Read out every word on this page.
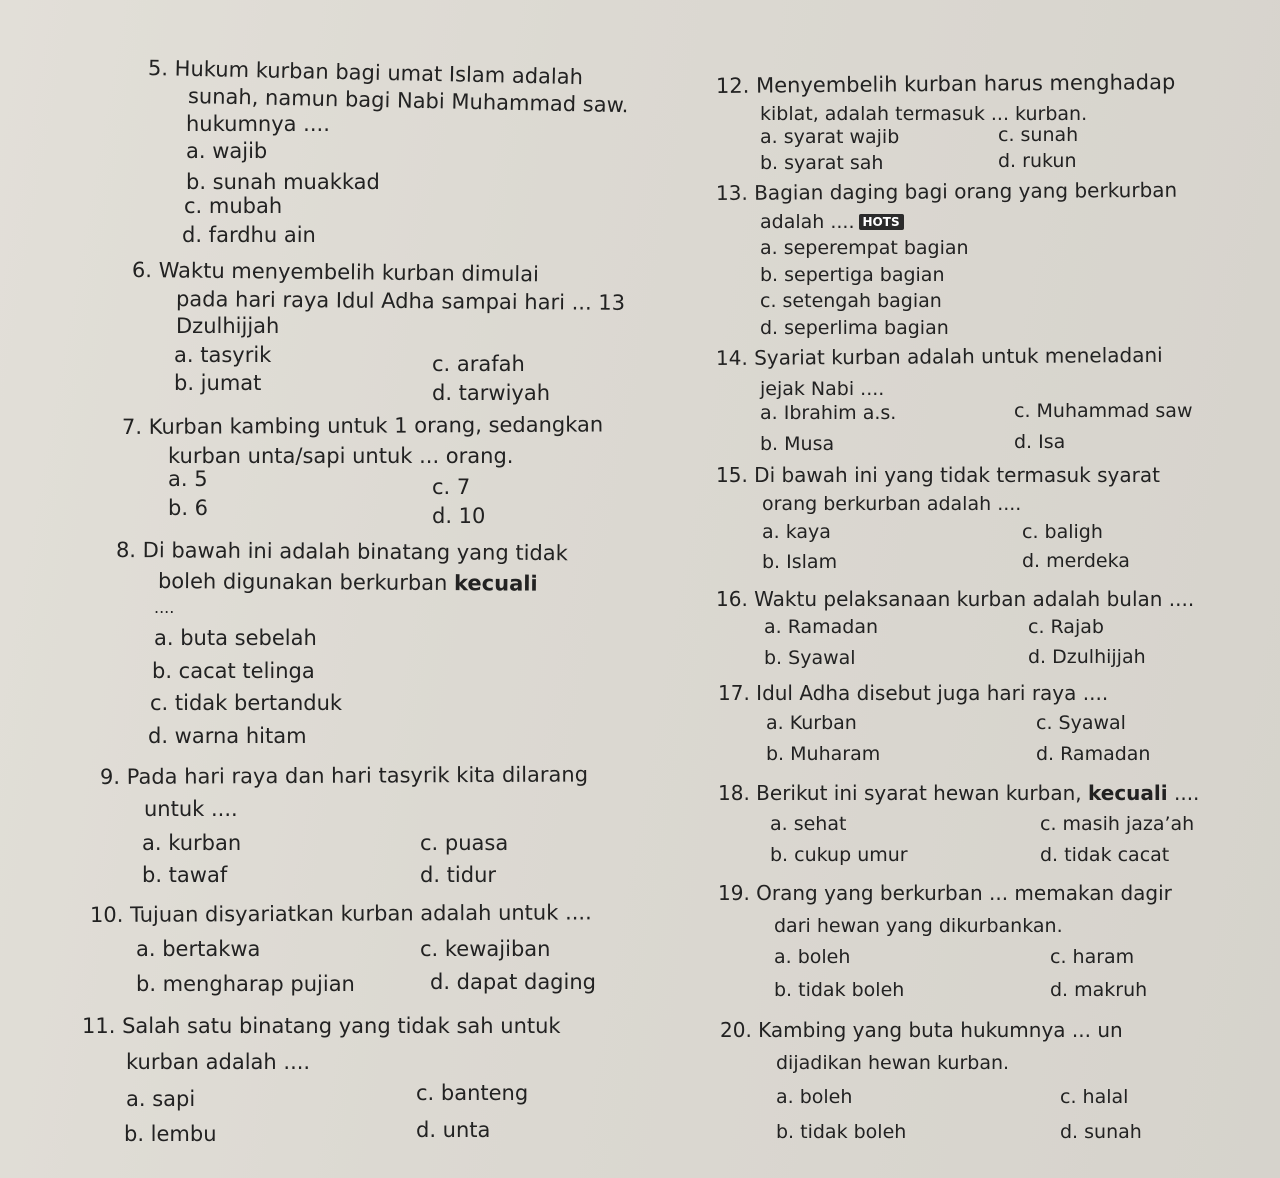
5. Hukum kurban bagi umat Islam adalah
sunah, namun bagi Nabi Muhammad saw.
hukumnya ....
a. wajib
b. sunah muakkad
c. mubah
d. fardhu ain
6. Waktu menyembelih kurban dimulai
pada hari raya Idul Adha sampai hari ... 13
Dzulhijjah
a. tasyrik
b. jumat
c. arafah
d. tarwiyah
7. Kurban kambing untuk 1 orang, sedangkan
kurban unta/sapi untuk ... orang.
a. 5
b. 6
c. 7
d. 10
8. Di bawah ini adalah binatang yang tidak
boleh digunakan berkurban kecuali
....
a. buta sebelah
b. cacat telinga
c. tidak bertanduk
d. warna hitam
9. Pada hari raya dan hari tasyrik kita dilarang
untuk ....
a. kurban
b. tawaf
c. puasa
d. tidur
10. Tujuan disyariatkan kurban adalah untuk ....
a. bertakwa
b. mengharap pujian
c. kewajiban
d. dapat daging
11. Salah satu binatang yang tidak sah untuk
kurban adalah ....
a. sapi
b. lembu
c. banteng
d. unta
12. Menyembelih kurban harus menghadap
kiblat, adalah termasuk ... kurban.
a. syarat wajib
b. syarat sah
c. sunah
d. rukun
13. Bagian daging bagi orang yang berkurban
adalah .... HOTS
a. seperempat bagian
b. sepertiga bagian
c. setengah bagian
d. seperlima bagian
14. Syariat kurban adalah untuk meneladani
jejak Nabi ....
a. Ibrahim a.s.
b. Musa
c. Muhammad saw
d. Isa
15. Di bawah ini yang tidak termasuk syarat
orang berkurban adalah ....
a. kaya
b. Islam
c. baligh
d. merdeka
16. Waktu pelaksanaan kurban adalah bulan ....
a. Ramadan
b. Syawal
c. Rajab
d. Dzulhijjah
17. Idul Adha disebut juga hari raya ....
a. Kurban
b. Muharam
c. Syawal
d. Ramadan
18. Berikut ini syarat hewan kurban, kecuali ....
a. sehat
b. cukup umur
c. masih jaza’ah
d. tidak cacat
19. Orang yang berkurban ... memakan dagir
dari hewan yang dikurbankan.
a. boleh
b. tidak boleh
c. haram
d. makruh
20. Kambing yang buta hukumnya ... un
dijadikan hewan kurban.
a. boleh
b. tidak boleh
c. halal
d. sunah
